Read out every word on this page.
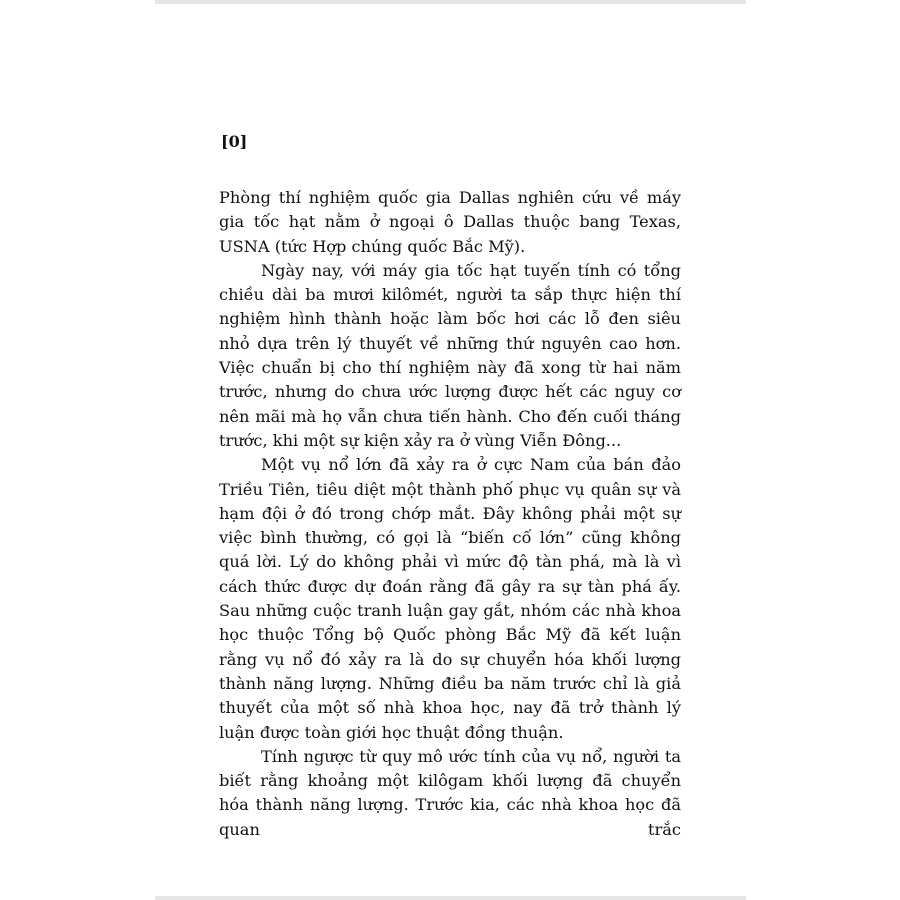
[0]

Phòng thí nghiệm quốc gia Dallas nghiên cứu về máy gia tốc hạt nằm ở ngoại ô Dallas thuộc bang Texas, USNA (tức Hợp chúng quốc Bắc Mỹ).

Ngày nay, với máy gia tốc hạt tuyến tính có tổng chiều dài ba mươi kilômét, người ta sắp thực hiện thí nghiệm hình thành hoặc làm bốc hơi các lỗ đen siêu nhỏ dựa trên lý thuyết về những thứ nguyên cao hơn. Việc chuẩn bị cho thí nghiệm này đã xong từ hai năm trước, nhưng do chưa ước lượng được hết các nguy cơ nên mãi mà họ vẫn chưa tiến hành. Cho đến cuối tháng trước, khi một sự kiện xảy ra ở vùng Viễn Đông...

Một vụ nổ lớn đã xảy ra ở cực Nam của bán đảo Triều Tiên, tiêu diệt một thành phố phục vụ quân sự và hạm đội ở đó trong chớp mắt. Đây không phải một sự việc bình thường, có gọi là “biến cố lớn” cũng không quá lời. Lý do không phải vì mức độ tàn phá, mà là vì cách thức được dự đoán rằng đã gây ra sự tàn phá ấy. Sau những cuộc tranh luận gay gắt, nhóm các nhà khoa học thuộc Tổng bộ Quốc phòng Bắc Mỹ đã kết luận rằng vụ nổ đó xảy ra là do sự chuyển hóa khối lượng thành năng lượng. Những điều ba năm trước chỉ là giả thuyết của một số nhà khoa học, nay đã trở thành lý luận được toàn giới học thuật đồng thuận.

Tính ngược từ quy mô ước tính của vụ nổ, người ta biết rằng khoảng một kilôgam khối lượng đã chuyển hóa thành năng lượng. Trước kia, các nhà khoa học đã quan trắc
